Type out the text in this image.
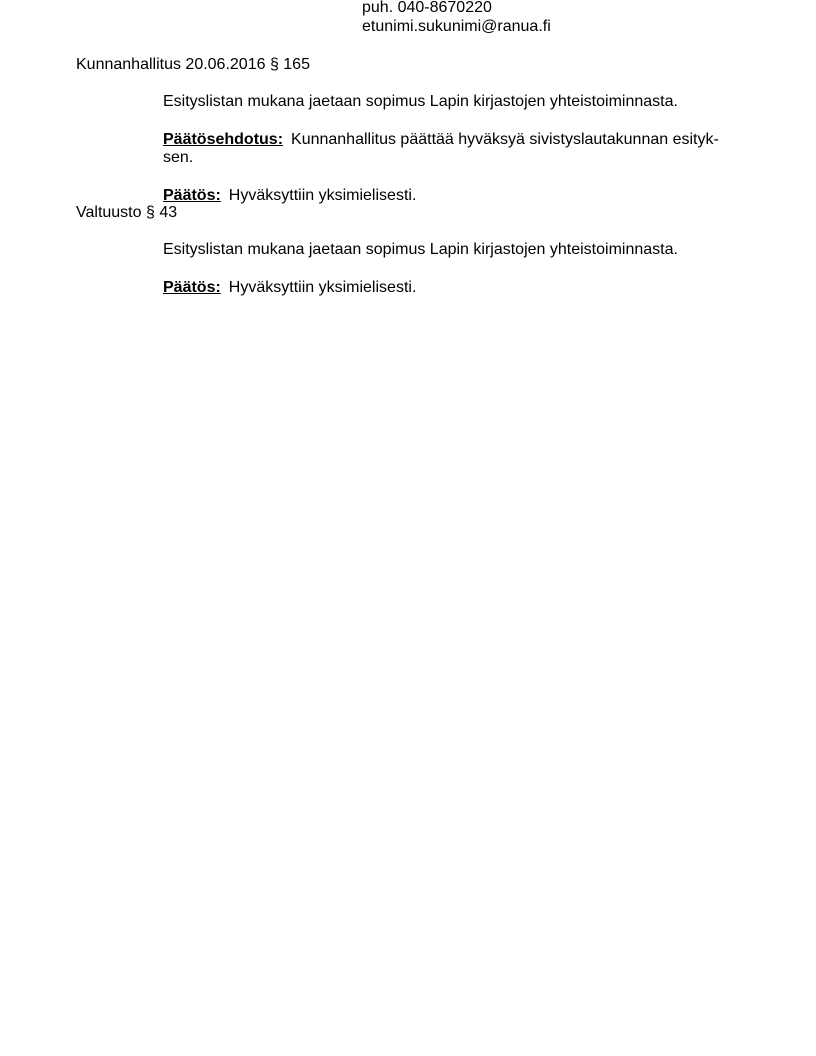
puh. 040-8670220
etunimi.sukunimi@ranua.fi
Kunnanhallitus 20.06.2016 § 165
Esityslistan mukana jaetaan sopimus Lapin kirjastojen yhteistoiminnasta.
Päätösehdotus: Kunnanhallitus päättää hyväksyä sivistyslautakunnan esityk-sen.
Päätös: Hyväksyttiin yksimielisesti.
Valtuusto § 43
Esityslistan mukana jaetaan sopimus Lapin kirjastojen yhteistoiminnasta.
Päätös: Hyväksyttiin yksimielisesti.
